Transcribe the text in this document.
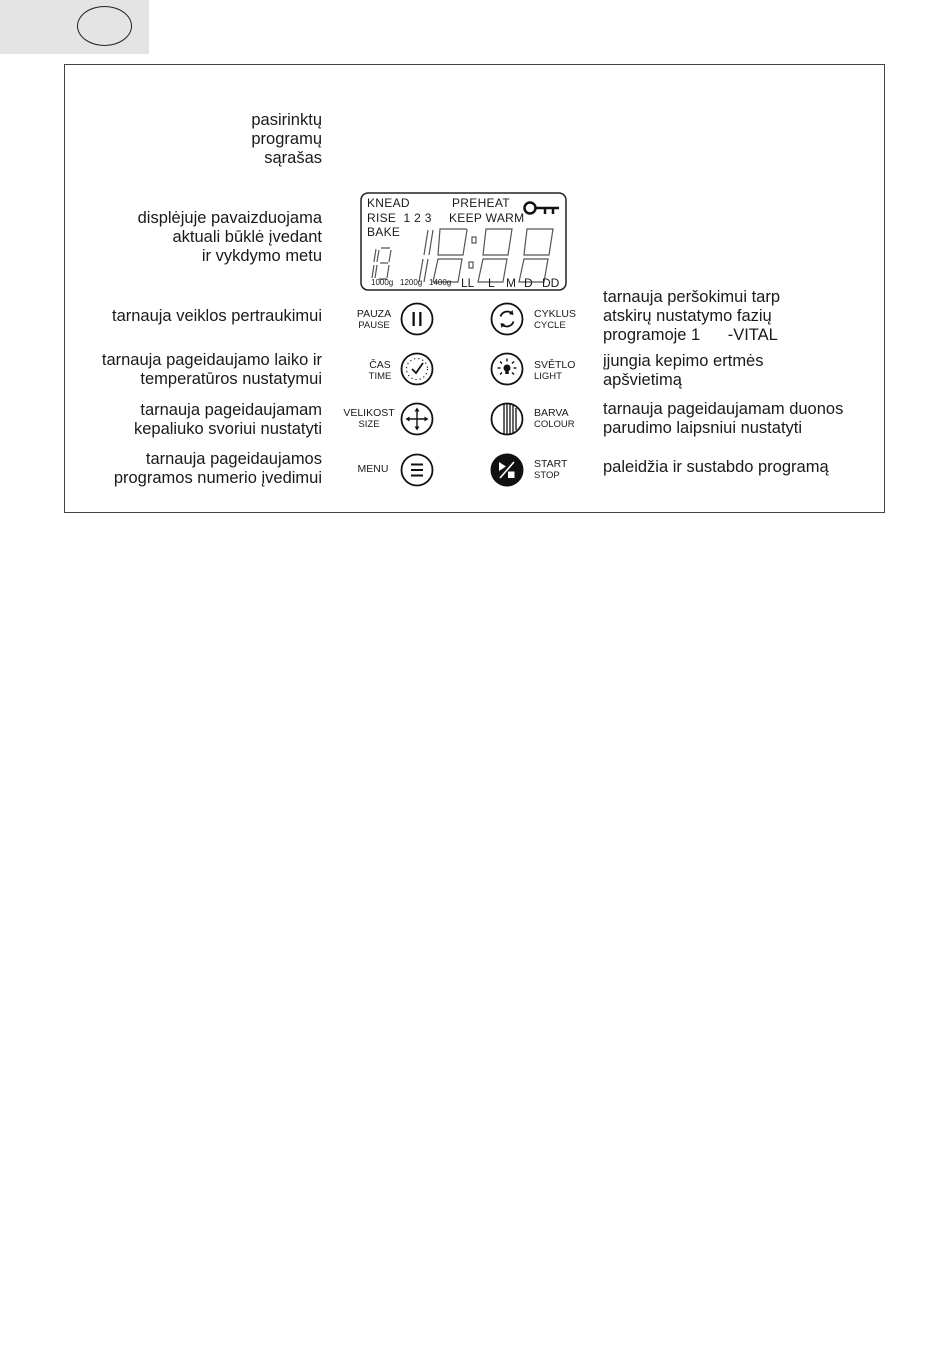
pasirinktų
programų
sąrašas
displėjuje pavaizduojama
aktuali būklė įvedant
ir vykdymo metu
tarnauja veiklos pertraukimui
tarnauja pageidaujamo laiko ir
temperatūros nustatymui
tarnauja pageidaujamam
kepaliuko svoriui nustatyti
tarnauja pageidaujamos
programos numerio įvedimui
tarnauja peršokimui tarp
atskirų nustatymo fazių
programoje 1      -VITAL
įjungia kepimo ertmės
apšvietimą
tarnauja pageidaujamam duonos
parudimo laipsniui nustatyti
paleidžia ir sustabdo programą
KNEAD	PREHEAT
RISE  1 2 3 KEEP WARM
BAKE
1000g 1200g 1400g LL L M D DD
PAUZA
PAUSE
ČAS
TIME
VELIKOST
SIZE
MENU
CYKLUS
CYCLE
SVĚTLO
LIGHT
BARVA
COLOUR
START
STOP
